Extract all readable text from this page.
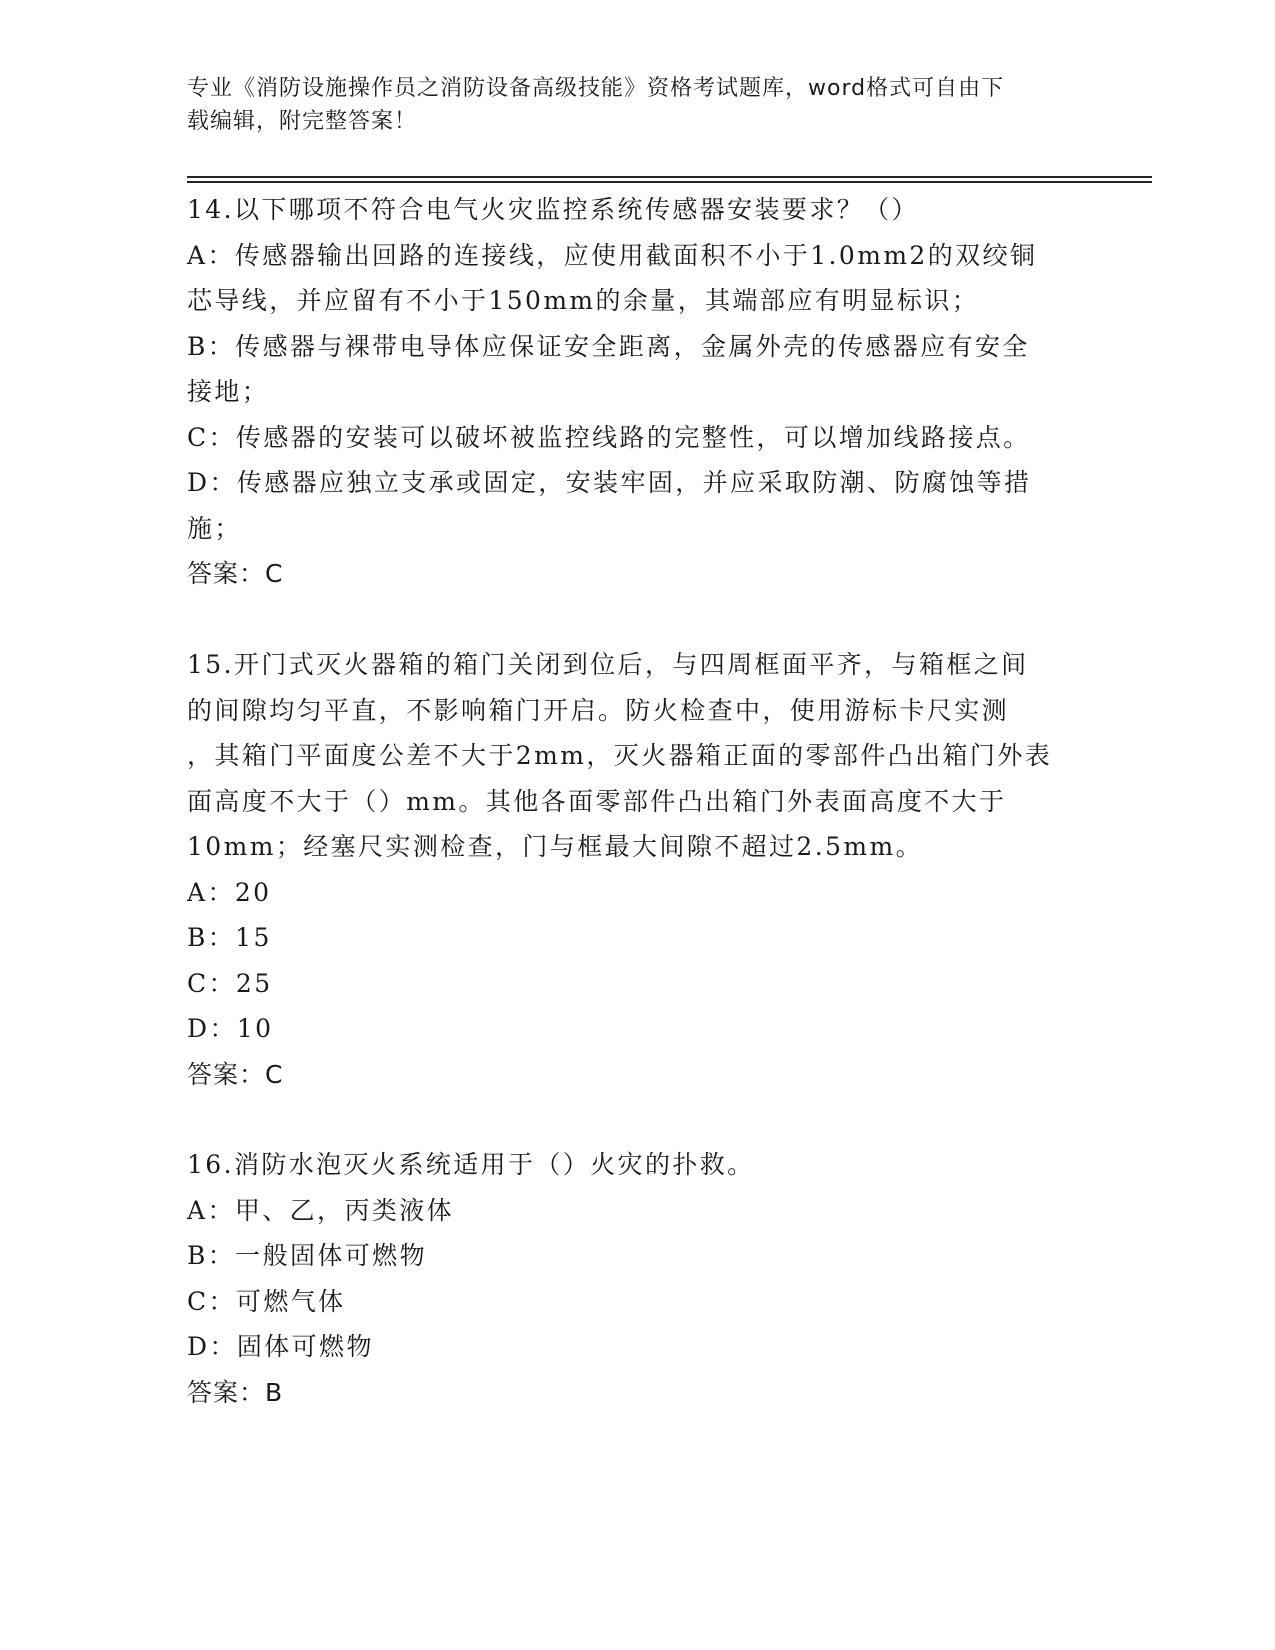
专业《消防设施操作员之消防设备高级技能》资格考试题库，word格式可自由下
载编辑，附完整答案！
14.以下哪项不符合电气火灾监控系统传感器安装要求？（）
A：传感器输出回路的连接线，应使用截面积不小于1.0mm2的双绞铜
芯导线，并应留有不小于150mm的余量，其端部应有明显标识；
B：传感器与裸带电导体应保证安全距离，金属外壳的传感器应有安全
接地；
C：传感器的安装可以破坏被监控线路的完整性，可以增加线路接点。
D：传感器应独立支承或固定，安装牢固，并应采取防潮、防腐蚀等措
施；
答案：C
15.开门式灭火器箱的箱门关闭到位后，与四周框面平齐，与箱框之间
的间隙均匀平直，不影响箱门开启。防火检查中，使用游标卡尺实测
，其箱门平面度公差不大于2mm，灭火器箱正面的零部件凸出箱门外表
面高度不大于（）mm。其他各面零部件凸出箱门外表面高度不大于
10mm；经塞尺实测检查，门与框最大间隙不超过2.5mm。
A：20
B：15
C：25
D：10
答案：C
16.消防水泡灭火系统适用于（）火灾的扑救。
A：甲、乙，丙类液体
B：一般固体可燃物
C：可燃气体
D：固体可燃物
答案：B
